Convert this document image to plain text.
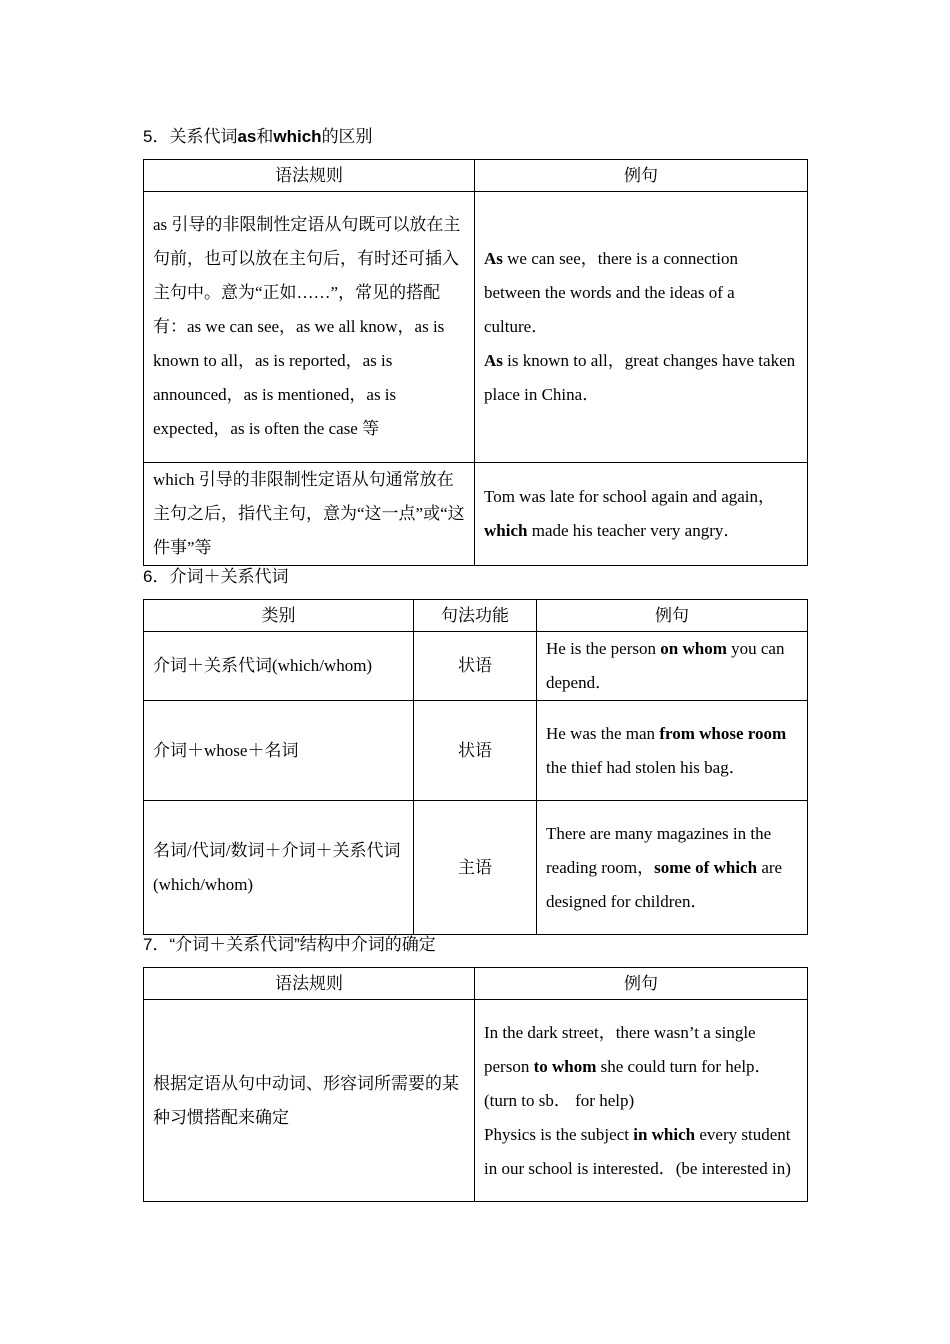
5．关系代词as和which的区别
语法规则	例句
as 引导的非限制性定语从句既可以放在主句前，也可以放在主句后，有时还可插入主句中。意为“正如……”，常见的搭配有：as we can see，as we all know，as is known to all，as is reported，as is announced，as is mentioned，as is expected，as is often the case 等	As we can see，there is a connection between the words and the ideas of a culture．
As is known to all，great changes have taken place in China．

which 引导的非限制性定语从句通常放在主句之后，指代主句，意为“这一点”或“这件事”等	Tom was late for school again and again，which made his teacher very angry．
6．介词＋关系代词
类别	句法功能	例句
介词＋关系代词(which/whom)	状语	He is the person on whom you can depend．
介词＋whose＋名词	状语	He was the man from whose room the thief had stolen his bag．
名词/代词/数词＋介词＋关系代词(which/whom)	主语	There are many magazines in the reading room，some of which are designed for children．
7．“介词＋关系代词”结构中介词的确定
语法规则	例句
根据定语从句中动词、形容词所需要的某种习惯搭配来确定	In the dark street，there wasn’t a single person to whom she could turn for help．(turn to sb． for help)
Physics is the subject in which every student in our school is interested．(be interested in)
